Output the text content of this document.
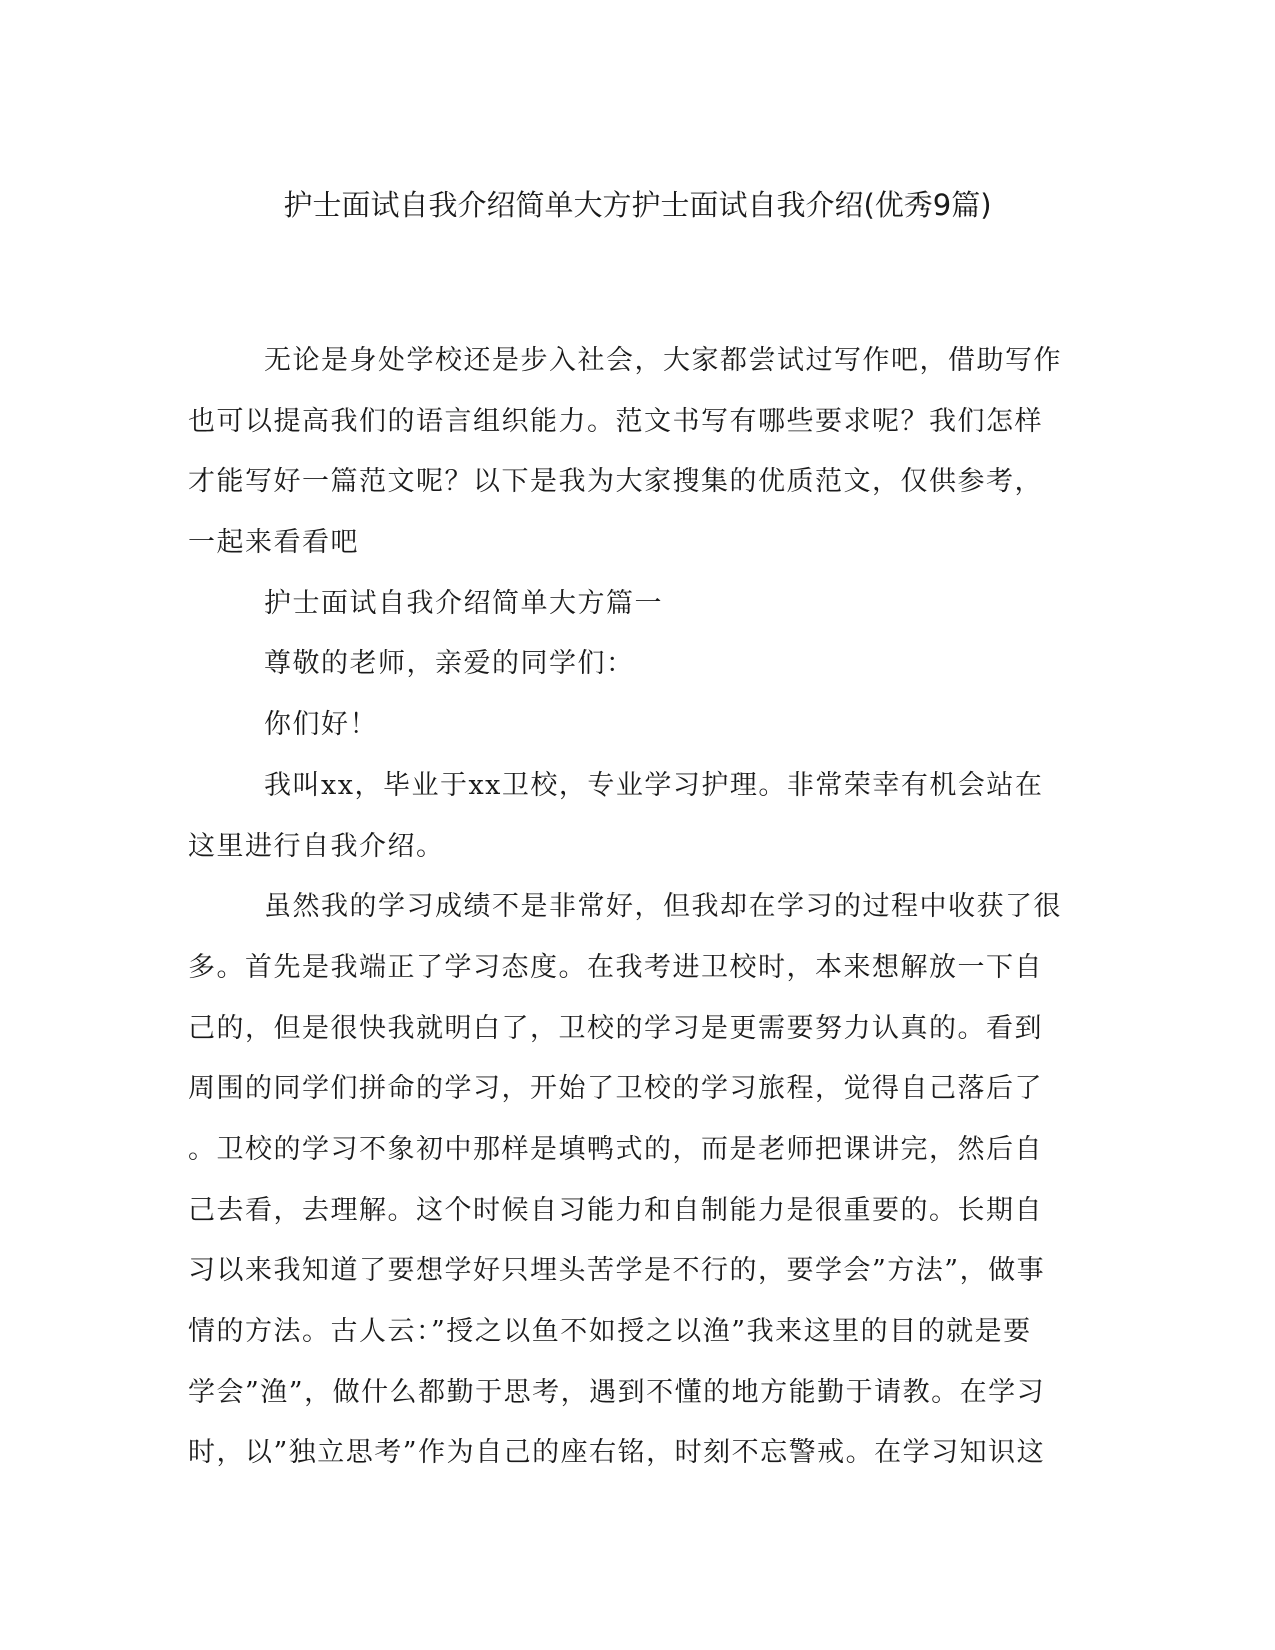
护士面试自我介绍简单大方护士面试自我介绍(优秀9篇)
无论是身处学校还是步入社会，大家都尝试过写作吧，借助写作
也可以提高我们的语言组织能力。范文书写有哪些要求呢？我们怎样
才能写好一篇范文呢？以下是我为大家搜集的优质范文，仅供参考，
一起来看看吧
护士面试自我介绍简单大方篇一
尊敬的老师，亲爱的同学们：
你们好！
我叫xx，毕业于xx卫校，专业学习护理。非常荣幸有机会站在
这里进行自我介绍。
虽然我的学习成绩不是非常好，但我却在学习的过程中收获了很
多。首先是我端正了学习态度。在我考进卫校时，本来想解放一下自
己的，但是很快我就明白了，卫校的学习是更需要努力认真的。看到
周围的同学们拼命的学习，开始了卫校的学习旅程，觉得自己落后了
。卫校的学习不象初中那样是填鸭式的，而是老师把课讲完，然后自
己去看，去理解。这个时候自习能力和自制能力是很重要的。长期自
习以来我知道了要想学好只埋头苦学是不行的，要学会”方法”，做事
情的方法。古人云：”授之以鱼不如授之以渔”我来这里的目的就是要
学会”渔”，做什么都勤于思考，遇到不懂的地方能勤于请教。在学习
时，以”独立思考”作为自己的座右铭，时刻不忘警戒。在学习知识这
